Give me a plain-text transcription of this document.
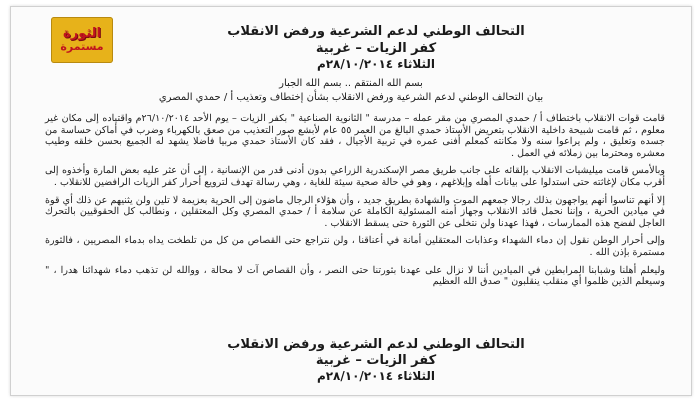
الثورة
مستمرة
التحالف الوطني لدعم الشرعية ورفض الانقلاب
كفر الزيات – غربية
الثلاثاء ٢٨/١٠/٢٠١٤م
بسم الله المنتقم .. بسم الله الجبار
بيان التحالف الوطني لدعم الشرعية ورفض الانقلاب بشأن إختطاف وتعذيب أ / حمدي المصري

قامت قوات الانقلاب باختطاف أ / حمدي المصري من مقر عمله – مدرسة " الثانوية الصناعية " بكفر الزيات – يوم الأحد ٢٦/١٠/٢٠١٤م واقتياده إلى مكان غير معلوم ، ثم قامت شبيحة داخلية الانقلاب بتعريض الأستاذ حمدي البالغ من العمر ٥٥ عام لأبشع صور التعذيب من صعق بالكهرباء وضرب في أماكن حساسة من جسده وتعليق ، ولم يراعوا سنه ولا مكانته كمعلم أفنى عمره في تربية الأجيال ، فقد كان الأستاذ حمدي مربيا فاضلا يشهد له الجميع بحسن خلقه وطيب معشره ومحترما بين زملائه في العمل .

وبالأمس قامت ميليشيات الانقلاب بإلقائه على جانب طريق مصر الإسكندرية الزراعي بدون أدنى قدر من الإنسانية ، إلى أن عثر عليه بعض المارة وأخذوه إلى أقرب مكان لإغاثته حتى استدلوا على بيانات أهله وإبلاغهم ، وهو في حالة صحية سيئة للغاية ، وهي رسالة تهدف لترويع أحرار كفر الزيات الرافضين للانقلاب .

إلا أنهم تناسوا أنهم يواجهون بذلك رجالا جمعهم الموت والشهادة بطريق جديد ، وأن هؤلاء الرجال ماضون إلى الحرية بعزيمة لا تلين ولن يثنيهم عن ذلك أي قوة في ميادين الحرية ، وإننا نحمل قائد الانقلاب وجهاز أمنه المسئولية الكاملة عن سلامة أ / حمدي المصري وكل المعتقلين ، ونطالب كل الحقوقيين بالتحرك العاجل لفضح هذه الممارسات ، فهذا عهدنا ولن نتخلى عن الثورة حتى يسقط الانقلاب .

وإلى أحرار الوطن نقول إن دماء الشهداء وعذابات المعتقلين أمانة في أعناقنا ، ولن نتراجع حتى القصاص من كل من تلطخت يداه بدماء المصريين ، فالثورة مستمرة بإذن الله .

وليعلم أهلنا وشبابنا المرابطين في الميادين أننا لا نزال على عهدنا بثورتنا حتى النصر ، وأن القصاص آت لا محالة ، ووالله لن تذهب دماء شهدائنا هدرا ، " وسيعلم الذين ظلموا أي منقلب ينقلبون " صدق الله العظيم

التحالف الوطني لدعم الشرعية ورفض الانقلاب
كفر الزيات – غربية
الثلاثاء ٢٨/١٠/٢٠١٤م
